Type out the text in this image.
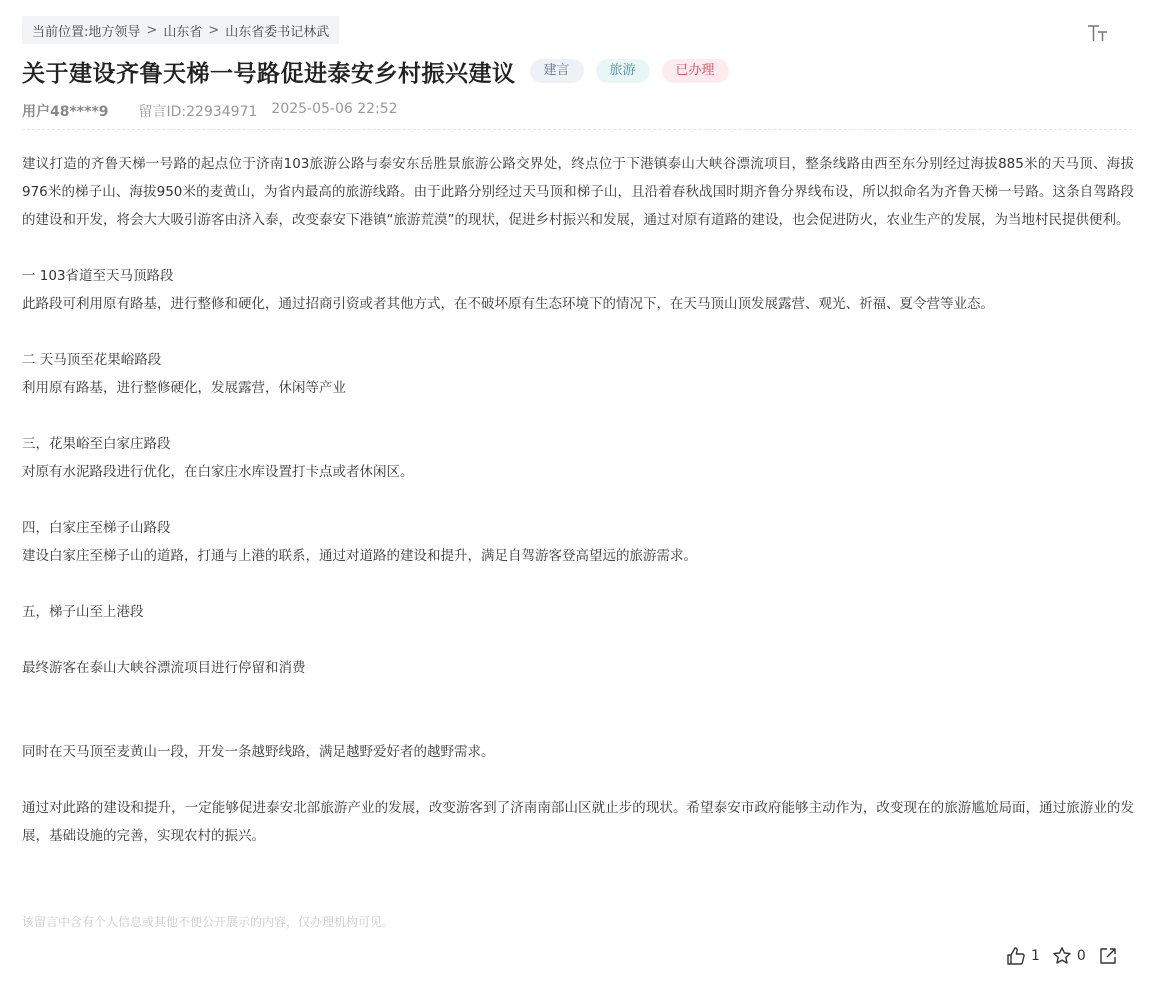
当前位置: 地方领导 > 山东省 > 山东省委书记林武
关于建设齐鲁天梯一号路促进泰安乡村振兴建议	建言	旅游	已办理
用户48****9 留言ID:22934971 2025-05-06 22:52

建议打造的齐鲁天梯一号路的起点位于济南103旅游公路与泰安东岳胜景旅游公路交界处，终点位于下港镇泰山大峡谷漂流项目，整条线路由西至东分别经过海拔885米的天马顶、海拔976米的梯子山、海拔950米的麦黄山，为省内最高的旅游线路。由于此路分别经过天马顶和梯子山，且沿着春秋战国时期齐鲁分界线布设，所以拟命名为齐鲁天梯一号路。这条自驾路段的建设和开发，将会大大吸引游客由济入泰，改变泰安下港镇“旅游荒漠”的现状，促进乡村振兴和发展，通过对原有道路的建设，也会促进防火，农业生产的发展，为当地村民提供便利。

一 103省道至天马顶路段

此路段可利用原有路基，进行整修和硬化，通过招商引资或者其他方式，在不破坏原有生态环境下的情况下，在天马顶山顶发展露营、观光、祈福、夏令营等业态。

二 天马顶至花果峪路段

利用原有路基，进行整修硬化，发展露营，休闲等产业

三，花果峪至白家庄路段

对原有水泥路段进行优化，在白家庄水库设置打卡点或者休闲区。

四，白家庄至梯子山路段

建设白家庄至梯子山的道路，打通与上港的联系，通过对道路的建设和提升，满足自驾游客登高望远的旅游需求。

五，梯子山至上港段

最终游客在泰山大峡谷漂流项目进行停留和消费

同时在天马顶至麦黄山一段，开发一条越野线路，满足越野爱好者的越野需求。

通过对此路的建设和提升，一定能够促进泰安北部旅游产业的发展，改变游客到了济南南部山区就止步的现状。希望泰安市政府能够主动作为，改变现在的旅游尴尬局面，通过旅游业的发展，基础设施的完善，实现农村的振兴。

该留言中含有个人信息或其他不便公开展示的内容，仅办理机构可见。
1	0
